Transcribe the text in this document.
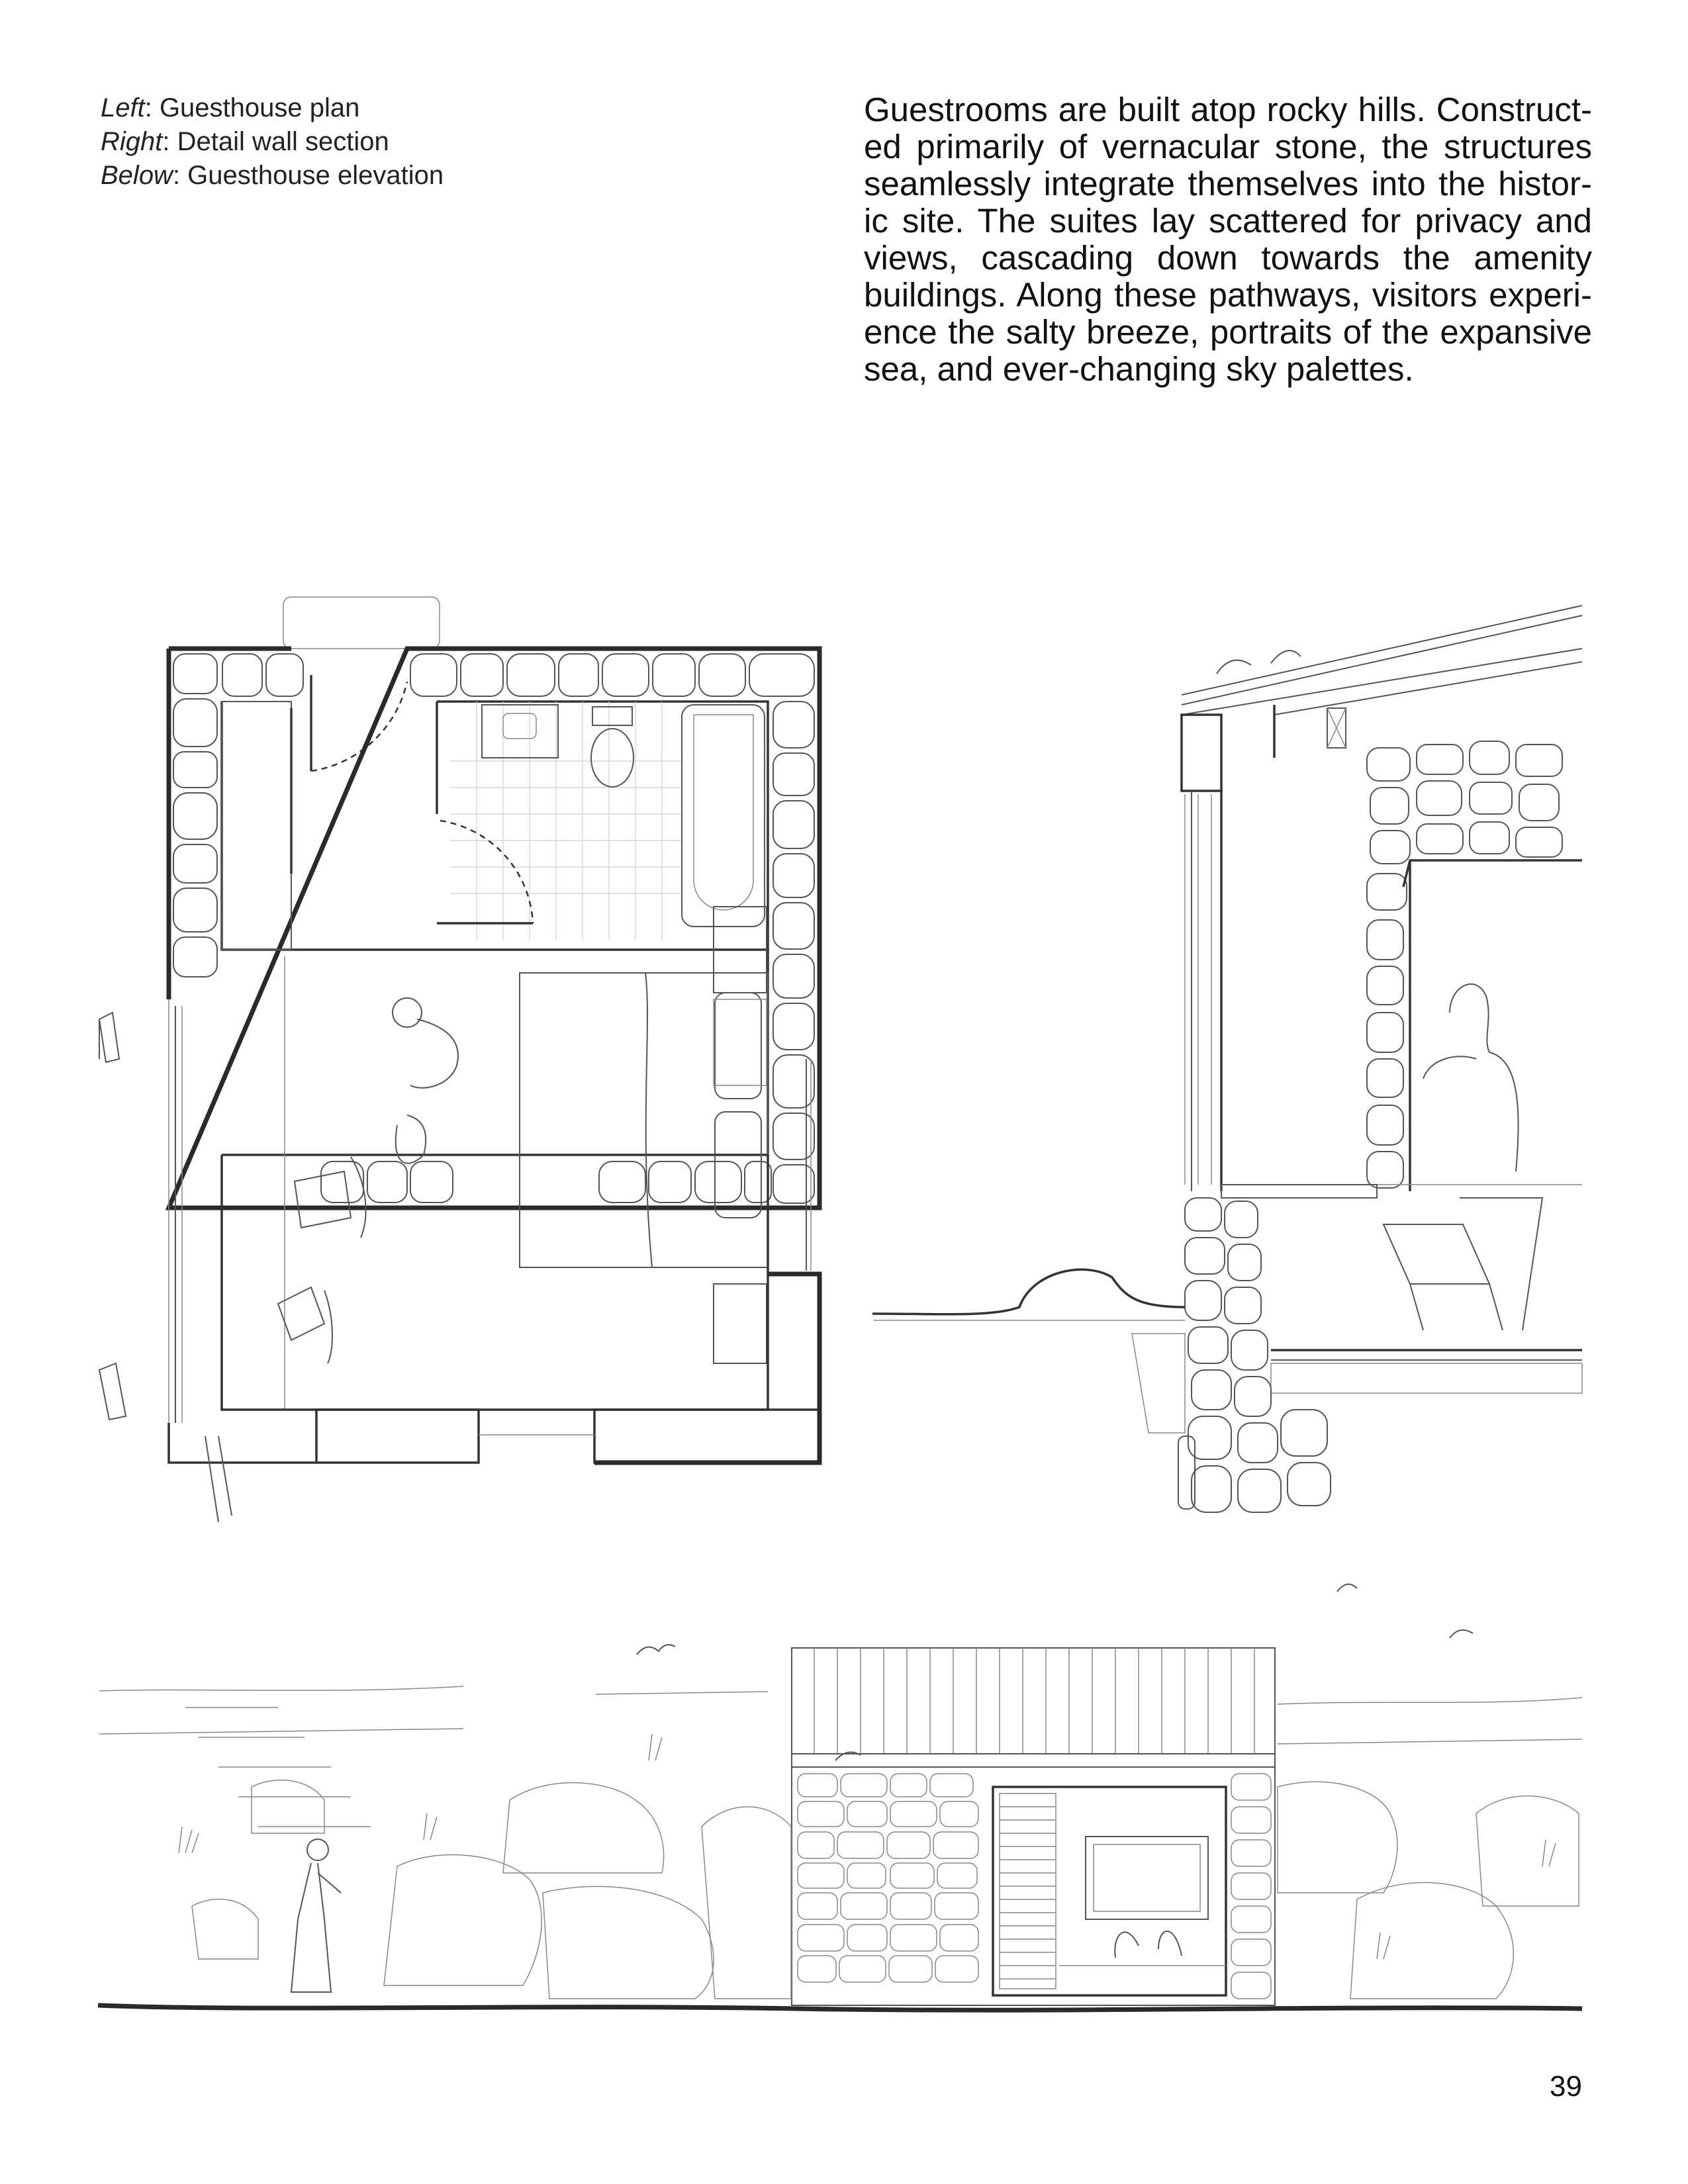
Left: Guesthouse plan
Right: Detail wall section
Below: Guesthouse elevation
Guestrooms are built atop rocky hills. Construct-
ed primarily of vernacular stone, the structures
seamlessly integrate themselves into the histor-
ic site. The suites lay scattered for privacy and
views, cascading down towards the amenity
buildings. Along these pathways, visitors experi-
ence the salty breeze, portraits of the expansive
sea, and ever-changing sky palettes.
39
